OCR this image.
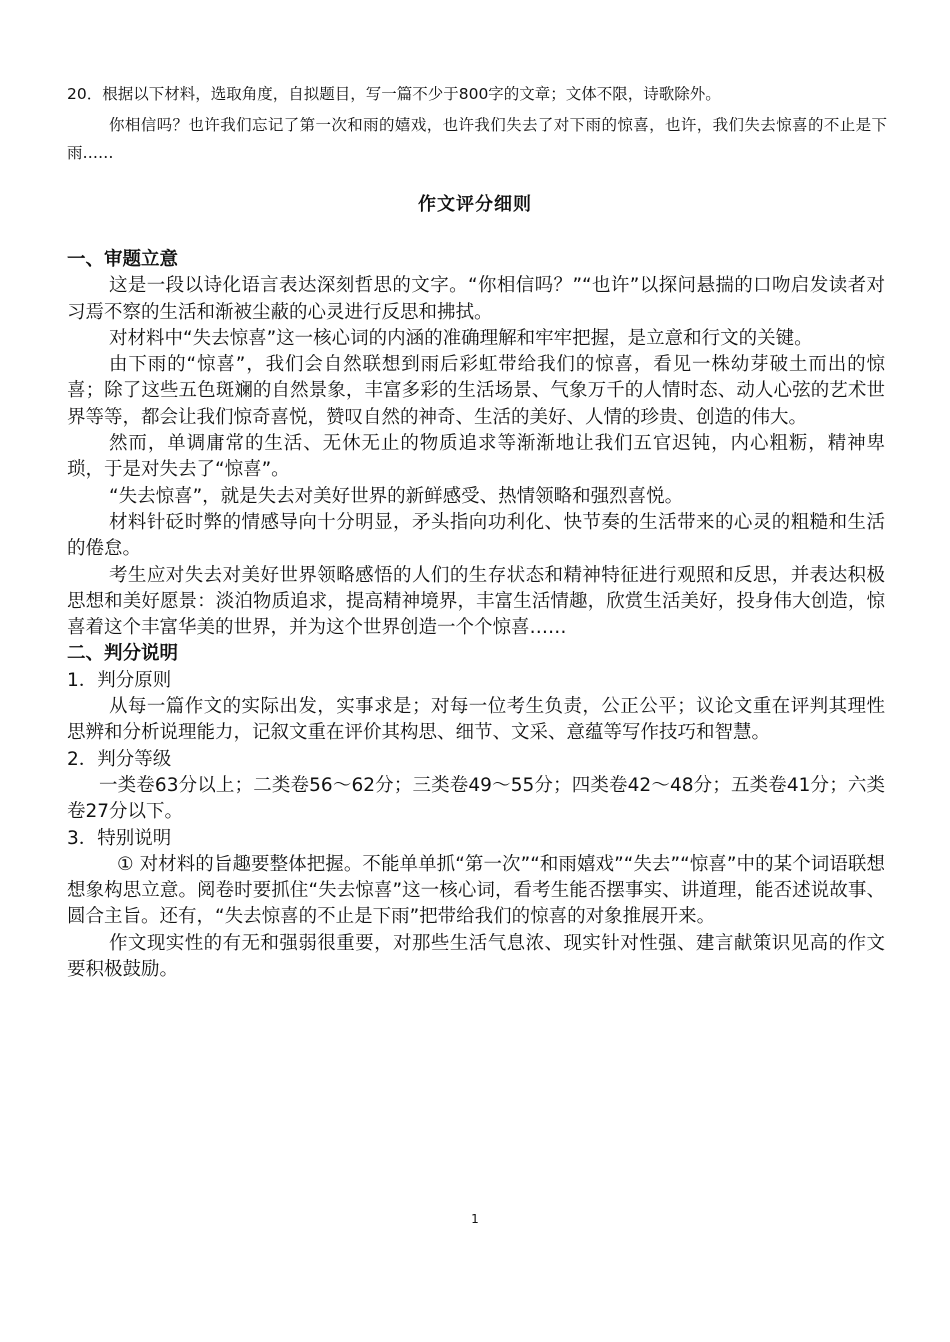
20．根据以下材料，选取角度，自拟题目，写一篇不少于800字的文章；文体不限，诗歌除外。

你相信吗？也许我们忘记了第一次和雨的嬉戏，也许我们失去了对下雨的惊喜，也许，我们失去惊喜的不止是下雨……

作文评分细则

一、审题立意

这是一段以诗化语言表达深刻哲思的文字。“你相信吗？”“也许”以探问悬揣的口吻启发读者对习焉不察的生活和渐被尘蔽的心灵进行反思和拂拭。

对材料中“失去惊喜”这一核心词的内涵的准确理解和牢牢把握，是立意和行文的关键。

由下雨的“惊喜”，我们会自然联想到雨后彩虹带给我们的惊喜，看见一株幼芽破土而出的惊喜；除了这些五色斑斓的自然景象，丰富多彩的生活场景、气象万千的人情时态、动人心弦的艺术世界等等，都会让我们惊奇喜悦，赞叹自然的神奇、生活的美好、人情的珍贵、创造的伟大。

然而，单调庸常的生活、无休无止的物质追求等渐渐地让我们五官迟钝，内心粗粝，精神卑琐，于是对失去了“惊喜”。

“失去惊喜”，就是失去对美好世界的新鲜感受、热情领略和强烈喜悦。

材料针砭时弊的情感导向十分明显，矛头指向功利化、快节奏的生活带来的心灵的粗糙和生活的倦怠。

考生应对失去对美好世界领略感悟的人们的生存状态和精神特征进行观照和反思，并表达积极思想和美好愿景：淡泊物质追求，提高精神境界，丰富生活情趣，欣赏生活美好，投身伟大创造，惊喜着这个丰富华美的世界，并为这个世界创造一个个惊喜……

二、判分说明

1．判分原则

从每一篇作文的实际出发，实事求是；对每一位考生负责，公正公平；议论文重在评判其理性思辨和分析说理能力，记叙文重在评价其构思、细节、文采、意蕴等写作技巧和智慧。

2．判分等级

一类卷63分以上；二类卷56～62分；三类卷49～55分；四类卷42～48分；五类卷41分；六类卷27分以下。

3．特别说明

① 对材料的旨趣要整体把握。不能单单抓“第一次”“和雨嬉戏”“失去”“惊喜”中的某个词语联想想象构思立意。阅卷时要抓住“失去惊喜”这一核心词，看考生能否摆事实、讲道理，能否述说故事、圆合主旨。还有，“失去惊喜的不止是下雨”把带给我们的惊喜的对象推展开来。

作文现实性的有无和强弱很重要，对那些生活气息浓、现实针对性强、建言献策识见高的作文要积极鼓励。

1
